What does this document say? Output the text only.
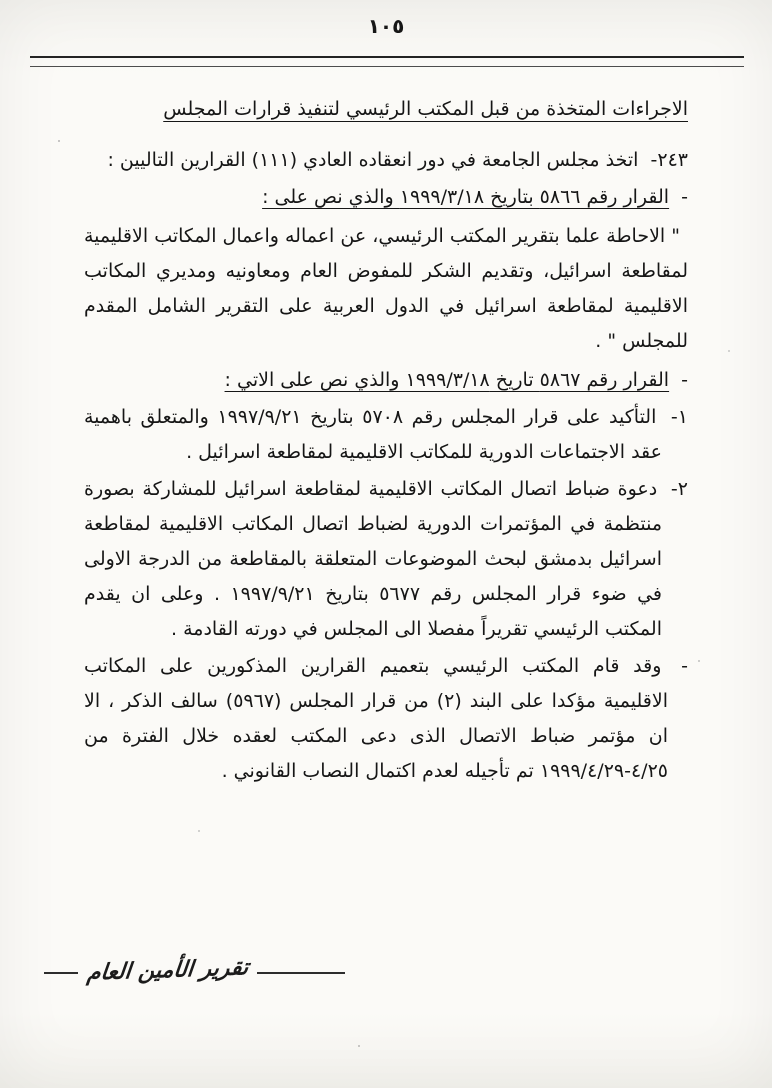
١٠٥
الاجراءات المتخذة من قبل المكتب الرئيسي لتنفيذ قرارات المجلس
٢٤٣- اتخذ مجلس الجامعة في دور انعقاده العادي (١١١) القرارين التاليين :
- القرار رقم ٥٨٦٦ بتاريخ ١٩٩٩/٣/١٨ والذي نص على :
" الاحاطة علما بتقرير المكتب الرئيسي، عن اعماله واعمال المكاتب الاقليمية لمقاطعة اسرائيل، وتقديم الشكر للمفوض العام ومعاونيه ومديري المكاتب الاقليمية لمقاطعة اسرائيل في الدول العربية على التقرير الشامل المقدم للمجلس " .
- القرار رقم ٥٨٦٧ تاريخ ١٩٩٩/٣/١٨ والذي نص على الاتي :
١- التأكيد على قرار المجلس رقم ٥٧٠٨ بتاريخ ١٩٩٧/٩/٢١ والمتعلق باهمية عقد الاجتماعات الدورية للمكاتب الاقليمية لمقاطعة اسرائيل .
٢- دعوة ضباط اتصال المكاتب الاقليمية لمقاطعة اسرائيل للمشاركة بصورة منتظمة في المؤتمرات الدورية لضباط اتصال المكاتب الاقليمية لمقاطعة اسرائيل بدمشق لبحث الموضوعات المتعلقة بالمقاطعة من الدرجة الاولى في ضوء قرار المجلس رقم ٥٦٧٧ بتاريخ ١٩٩٧/٩/٢١ . وعلى ان يقدم المكتب الرئيسي تقريراً مفصلا الى المجلس في دورته القادمة .
- وقد قام المكتب الرئيسي بتعميم القرارين المذكورين على المكاتب الاقليمية مؤكدا على البند (٢) من قرار المجلس (٥٩٦٧) سالف الذكر ، الا ان مؤتمر ضباط الاتصال الذى دعى المكتب لعقده خلال الفترة من ٤/٢٥-١٩٩٩/٤/٢٩ تم تأجيله لعدم اكتمال النصاب القانوني .
تقرير الأمين العام
